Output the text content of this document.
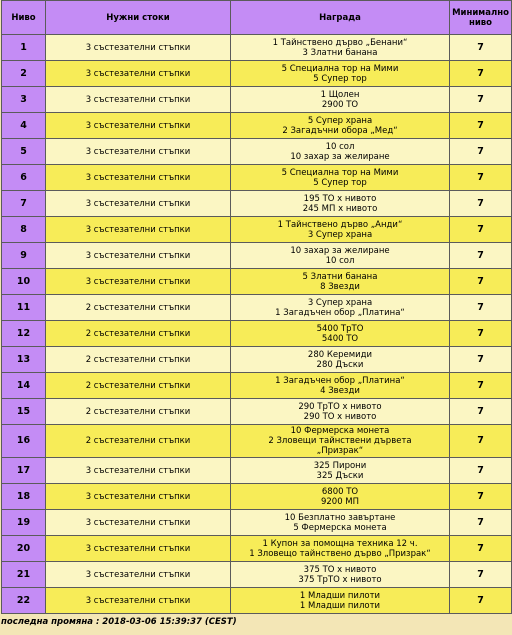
Ниво	Нужни стоки	Награда	Минимално
ниво

1	3 състезателни стъпки	1 Тайнствено дърво „Бенани“
3 Златни банана	7
2	3 състезателни стъпки	5 Специална тор на Мими
5 Супер тор	7
3	3 състезателни стъпки	1 Щолен
2900 ТО	7
4	3 състезателни стъпки	5 Супер храна
2 Загадъчни обора „Мед“	7
5	3 състезателни стъпки	10 сол
10 захар за желиране	7
6	3 състезателни стъпки	5 Специална тор на Мими
5 Супер тор	7
7	3 състезателни стъпки	195 ТО х нивото
245 МП х нивото	7
8	3 състезателни стъпки	1 Тайнствено дърво „Анди“
3 Супер храна	7
9	3 състезателни стъпки	10 захар за желиране
10 сол	7
10	3 състезателни стъпки	5 Златни банана
8 Звезди	7
11	2 състезателни стъпки	3 Супер храна
1 Загадъчен обор „Платина“	7
12	2 състезателни стъпки	5400 ТрТО
5400 ТО	7
13	2 състезателни стъпки	280 Керемиди
280 Дъски	7
14	2 състезателни стъпки	1 Загадъчен обор „Платина“
4 Звезди	7
15	2 състезателни стъпки	290 ТрТО х нивото
290 ТО х нивото	7
16	2 състезателни стъпки	10 Фермерска монета
2 Зловещи тайнствени дървета
„Призрак“	7
17	3 състезателни стъпки	325 Пирони
325 Дъски	7
18	3 състезателни стъпки	6800 ТО
9200 МП	7
19	3 състезателни стъпки	10 Безплатно завъртане
5 Фермерска монета	7
20	3 състезателни стъпки	1 Купон за помощна техника 12 ч.
1 Зловещо тайнствено дърво „Призрак“	7
21	3 състезателни стъпки	375 ТО х нивото
375 ТрТО х нивото	7
22	3 състезателни стъпки	1 Младши пилоти
1 Младши пилоти	7
последна промяна : 2018-03-06 15:39:37 (CEST)
